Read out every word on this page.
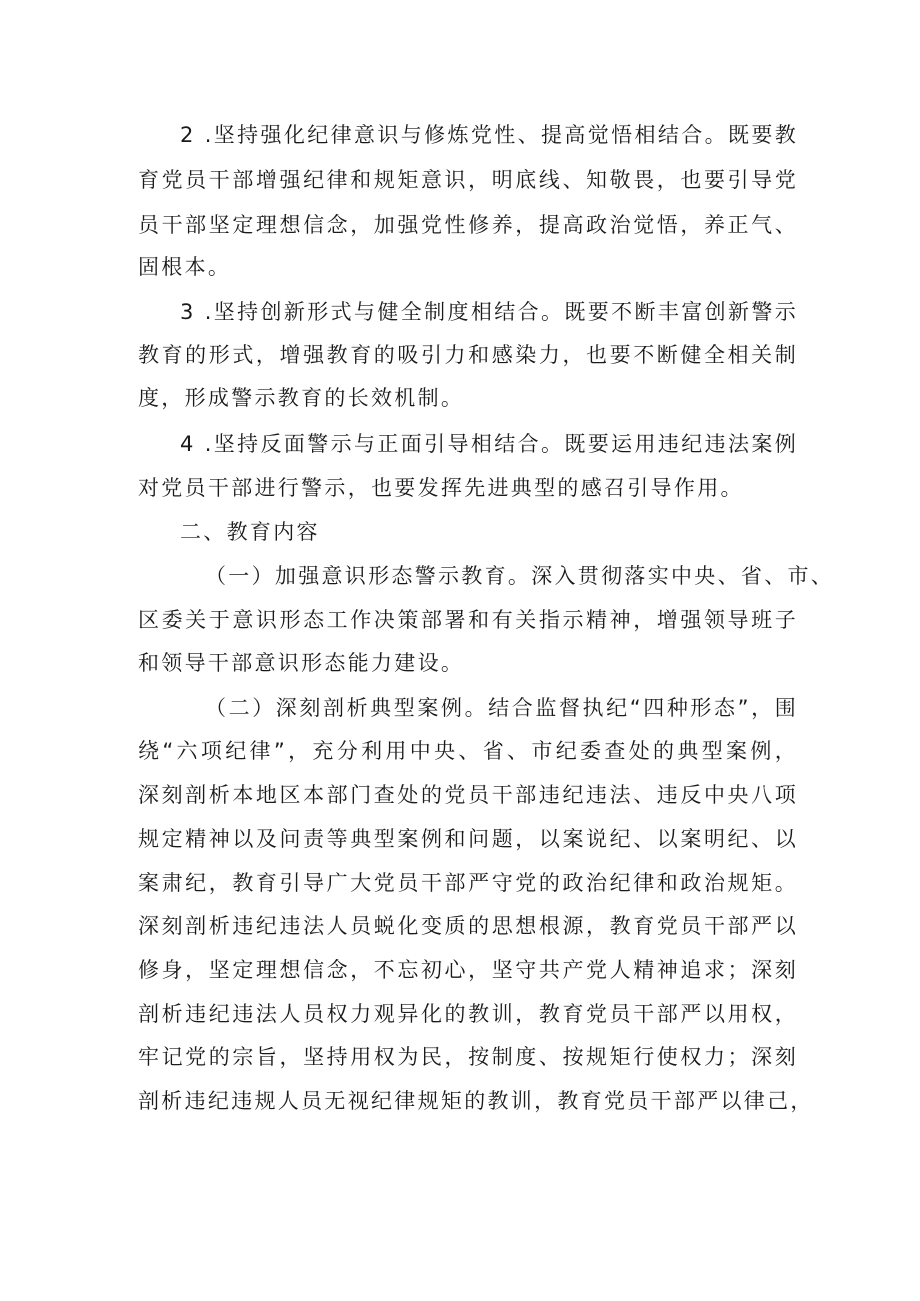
2 .坚持强化纪律意识与修炼党性、提高觉悟相结合。既要教
育党员干部增强纪律和规矩意识，明底线、知敬畏，也要引导党
员干部坚定理想信念，加强党性修养，提高政治觉悟，养正气、
固根本。
3 .坚持创新形式与健全制度相结合。既要不断丰富创新警示
教育的形式，增强教育的吸引力和感染力，也要不断健全相关制
度，形成警示教育的长效机制。
4 .坚持反面警示与正面引导相结合。既要运用违纪违法案例
对党员干部进行警示，也要发挥先进典型的感召引导作用。
二、教育内容
（一）加强意识形态警示教育。深入贯彻落实中央、省、市、
区委关于意识形态工作决策部署和有关指示精神，增强领导班子
和领导干部意识形态能力建设。
（二）深刻剖析典型案例。结合监督执纪“四种形态”，围
绕“六项纪律”，充分利用中央、省、市纪委查处的典型案例，
深刻剖析本地区本部门查处的党员干部违纪违法、违反中央八项
规定精神以及问责等典型案例和问题，以案说纪、以案明纪、以
案肃纪，教育引导广大党员干部严守党的政治纪律和政治规矩。
深刻剖析违纪违法人员蜕化变质的思想根源，教育党员干部严以
修身，坚定理想信念，不忘初心，坚守共产党人精神追求；深刻
剖析违纪违法人员权力观异化的教训，教育党员干部严以用权，
牢记党的宗旨，坚持用权为民，按制度、按规矩行使权力；深刻
剖析违纪违规人员无视纪律规矩的教训，教育党员干部严以律己，
